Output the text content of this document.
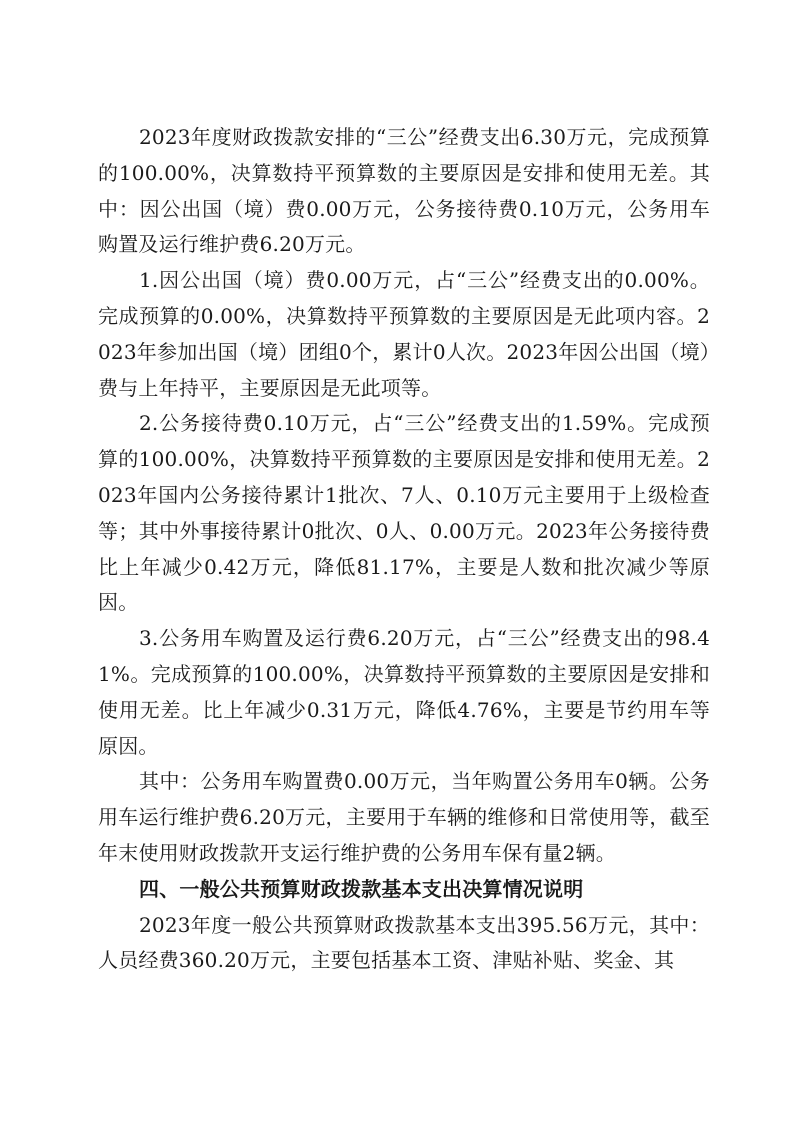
2023年度财政拨款安排的“三公”经费支出6.30万元，完成预算的100.00%，决算数持平预算数的主要原因是安排和使用无差。其中：因公出国（境）费0.00万元，公务接待费0.10万元，公务用车购置及运行维护费6.20万元。

1.因公出国（境）费0.00万元，占“三公”经费支出的0.00%。完成预算的0.00%，决算数持平预算数的主要原因是无此项内容。2023年参加出国（境）团组0个，累计0人次。2023年因公出国（境）费与上年持平，主要原因是无此项等。

2.公务接待费0.10万元，占“三公”经费支出的1.59%。完成预算的100.00%，决算数持平预算数的主要原因是安排和使用无差。2023年国内公务接待累计1批次、7人、0.10万元主要用于上级检查等；其中外事接待累计0批次、0人、0.00万元。2023年公务接待费比上年减少0.42万元，降低81.17%，主要是人数和批次减少等原因。

3.公务用车购置及运行费6.20万元，占“三公”经费支出的98.41%。完成预算的100.00%，决算数持平预算数的主要原因是安排和使用无差。比上年减少0.31万元，降低4.76%，主要是节约用车等原因。

其中：公务用车购置费0.00万元，当年购置公务用车0辆。公务用车运行维护费6.20万元，主要用于车辆的维修和日常使用等，截至年末使用财政拨款开支运行维护费的公务用车保有量2辆。

四、一般公共预算财政拨款基本支出决算情况说明

2023年度一般公共预算财政拨款基本支出395.56万元，其中：人员经费360.20万元，主要包括基本工资、津贴补贴、奖金、其
